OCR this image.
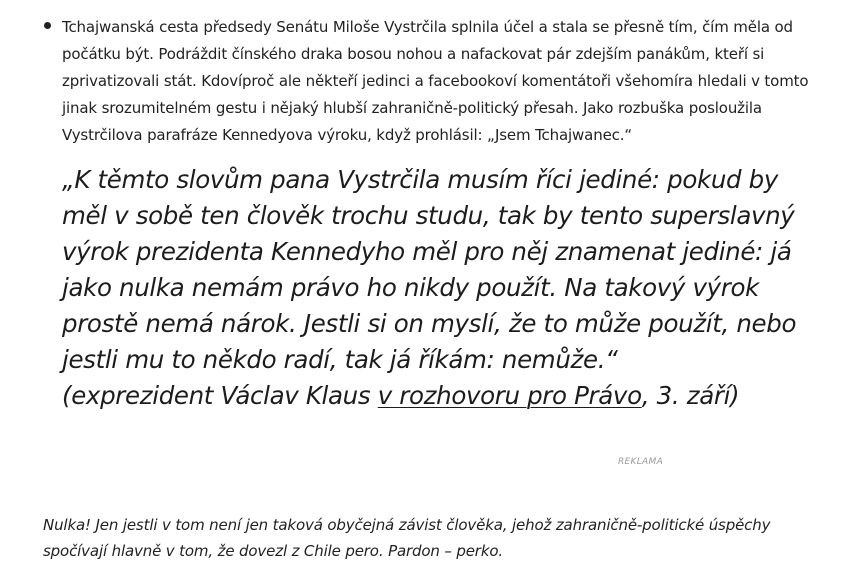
Tchajwanská cesta předsedy Senátu Miloše Vystrčila splnila účel a stala se přesně tím, čím měla od počátku být. Podráždit čínského draka bosou nohou a nafackovat pár zdejším panákům, kteří si zprivatizovali stát. Kdovíproč ale někteří jedinci a facebookoví komentátoři všehomíra hledali v tomto jinak srozumitelném gestu i nějaký hlubší zahraničně-politický přesah. Jako rozbuška posloužila Vystrčilova parafráze Kennedyova výroku, když prohlásil: „Jsem Tchajwanec.“
„K těmto slovům pana Vystrčila musím říci jediné: pokud by měl v sobě ten člověk trochu studu, tak by tento superslavný výrok prezidenta Kennedyho měl pro něj znamenat jediné: já jako nulka nemám právo ho nikdy použít. Na takový výrok prostě nemá nárok. Jestli si on myslí, že to může použít, nebo jestli mu to někdo radí, tak já říkám: nemůže.“
(exprezident Václav Klaus v rozhovoru pro Právo, 3. září)
REKLAMA

Nulka! Jen jestli v tom není jen taková obyčejná závist člověka, jehož zahraničně-politické úspěchy spočívají hlavně v tom, že dovezl z Chile pero. Pardon – perko.
